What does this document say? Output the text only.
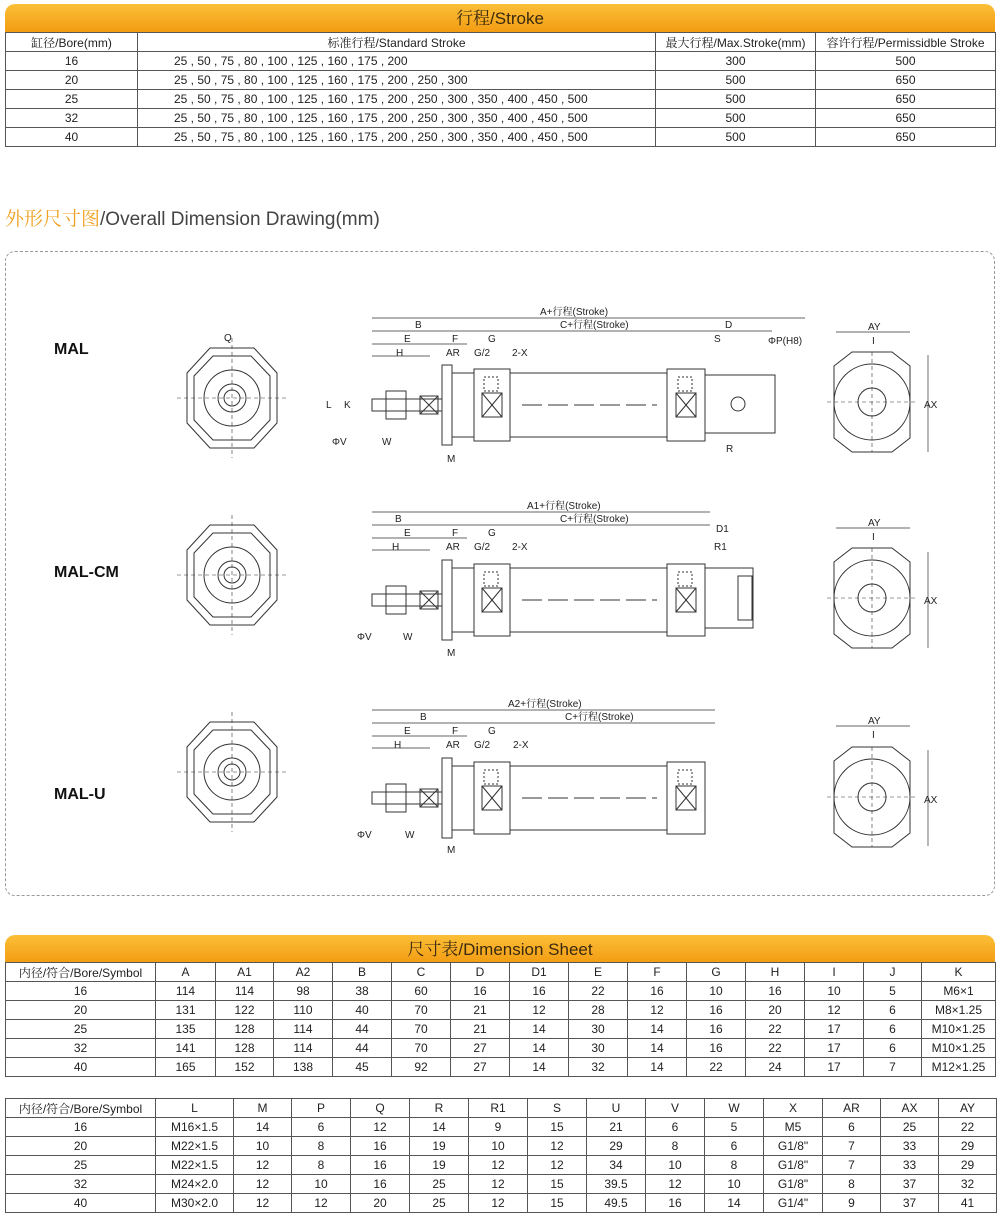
行程/Stroke
缸径/Bore(mm)	标准行程/Standard Stroke	最大行程/Max.Stroke(mm)	容许行程/Permissidble Stroke
16	25 , 50 , 75 , 80 , 100 , 125 , 160 , 175 , 200	300	500
20	25 , 50 , 75 , 80 , 100 , 125 , 160 , 175 , 200 , 250 , 300	500	650
25	25 , 50 , 75 , 80 , 100 , 125 , 160 , 175 , 200 , 250 , 300 , 350 , 400 , 450 , 500	500	650
32	25 , 50 , 75 , 80 , 100 , 125 , 160 , 175 , 200 , 250 , 300 , 350 , 400 , 450 , 500	500	650
40	25 , 50 , 75 , 80 , 100 , 125 , 160 , 175 , 200 , 250 , 300 , 350 , 400 , 450 , 500	500	650
外形尺寸图/Overall Dimension Drawing(mm)
MAL
MAL-CM
MAL-U
A+行程(Stroke)
C+行程(Stroke)
B	D
E	F	G
H	AR G/2 2-X
S	ΦP(H8)
R
ΦV	W
M
L K
AY
I
AX
Q
A1+行程(Stroke)
C+行程(Stroke)
B
D1
R1
E	F	G
H	AR G/2 2-X
ΦV	W
M
AY
I
AX
A2+行程(Stroke)
C+行程(Stroke)
B
E	F	G
H	AR G/2 2-X
ΦV	W
M
AY
I
AX
尺寸表/Dimension Sheet
内径/符合/Bore/Symbol	A	A1	A2	B	C	D	D1	E	F	G	H	I	J	K
16	114	114	98	38	60	16	16	22	16	10	16	10	5	M6×1
20	131	122	110	40	70	21	12	28	12	16	20	12	6	M8×1.25
25	135	128	114	44	70	21	14	30	14	16	22	17	6	M10×1.25
32	141	128	114	44	70	27	14	30	14	16	22	17	6	M10×1.25
40	165	152	138	45	92	27	14	32	14	22	24	17	7	M12×1.25
内径/符合/Bore/Symbol	L	M	P	Q	R	R1	S	U	V	W	X	AR	AX	AY
16	M16×1.5	14	6	12	14	9	15	21	6	5	M5	6	25	22
20	M22×1.5	10	8	16	19	10	12	29	8	6	G1/8"	7	33	29
25	M22×1.5	12	8	16	19	12	12	34	10	8	G1/8"	7	33	29
32	M24×2.0	12	10	16	25	12	15	39.5	12	10	G1/8"	8	37	32
40	M30×2.0	12	12	20	25	12	15	49.5	16	14	G1/4"	9	37	41
